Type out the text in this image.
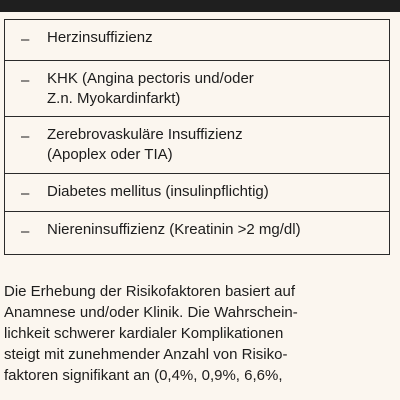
– Herzinsuffizienz
– KHK (Angina pectoris und/oder
Z.n. Myokardinfarkt)
– Zerebrovaskuläre Insuffizienz
(Apoplex oder TIA)
– Diabetes mellitus (insulinpflichtig)
– Niereninsuffizienz (Kreatinin >2 mg/dl)
Die Erhebung der Risikofaktoren basiert auf
Anamnese und/oder Klinik. Die Wahrschein-
lichkeit schwerer kardialer Komplikationen
steigt mit zunehmender Anzahl von Risiko-
faktoren signifikant an (0,4%, 0,9%, 6,6%,
